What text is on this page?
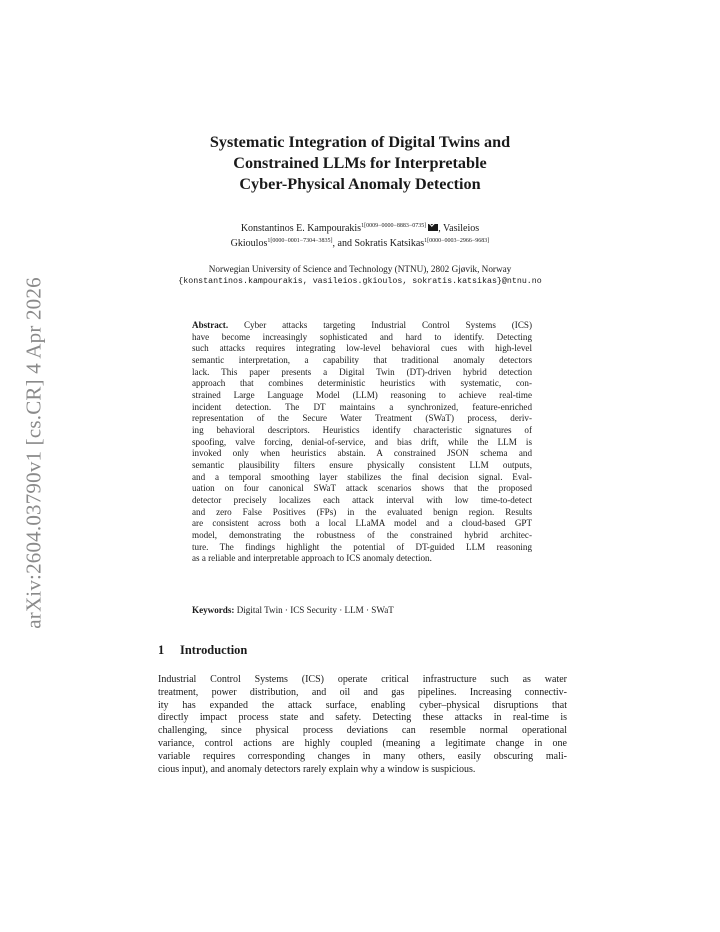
arXiv:2604.03790v1 [cs.CR] 4 Apr 2026
Systematic Integration of Digital Twins and
Constrained LLMs for Interpretable
Cyber-Physical Anomaly Detection
Konstantinos E. Kampourakis$^{1[0009-0000-8883-0735]}$ , Vasileios
Gkioulos$^{1[0000-0001-7304-3835]}$, and Sokratis Katsikas$^{1[0000-0003-2966-9683]}$
Norwegian University of Science and Technology (NTNU), 2802 Gjøvik, Norway
{konstantinos.kampourakis, vasileios.gkioulos, sokratis.katsikas}@ntnu.no
Abstract. Cyber attacks targeting Industrial Control Systems (ICS)
have become increasingly sophisticated and hard to identify. Detecting
such attacks requires integrating low-level behavioral cues with high-level
semantic interpretation, a capability that traditional anomaly detectors
lack. This paper presents a Digital Twin (DT)-driven hybrid detection
approach that combines deterministic heuristics with systematic, con-
strained Large Language Model (LLM) reasoning to achieve real-time
incident detection. The DT maintains a synchronized, feature-enriched
representation of the Secure Water Treatment (SWaT) process, deriv-
ing behavioral descriptors. Heuristics identify characteristic signatures of
spoofing, valve forcing, denial-of-service, and bias drift, while the LLM is
invoked only when heuristics abstain. A constrained JSON schema and
semantic plausibility filters ensure physically consistent LLM outputs,
and a temporal smoothing layer stabilizes the final decision signal. Eval-
uation on four canonical SWaT attack scenarios shows that the proposed
detector precisely localizes each attack interval with low time-to-detect
and zero False Positives (FPs) in the evaluated benign region. Results
are consistent across both a local LLaMA model and a cloud-based GPT
model, demonstrating the robustness of the constrained hybrid architec-
ture. The findings highlight the potential of DT-guided LLM reasoning
as a reliable and interpretable approach to ICS anomaly detection.
Keywords: Digital Twin · ICS Security · LLM · SWaT
1 Introduction
Industrial Control Systems (ICS) operate critical infrastructure such as water
treatment, power distribution, and oil and gas pipelines. Increasing connectiv-
ity has expanded the attack surface, enabling cyber–physical disruptions that
directly impact process state and safety. Detecting these attacks in real-time is
challenging, since physical process deviations can resemble normal operational
variance, control actions are highly coupled (meaning a legitimate change in one
variable requires corresponding changes in many others, easily obscuring mali-
cious input), and anomaly detectors rarely explain why a window is suspicious.
